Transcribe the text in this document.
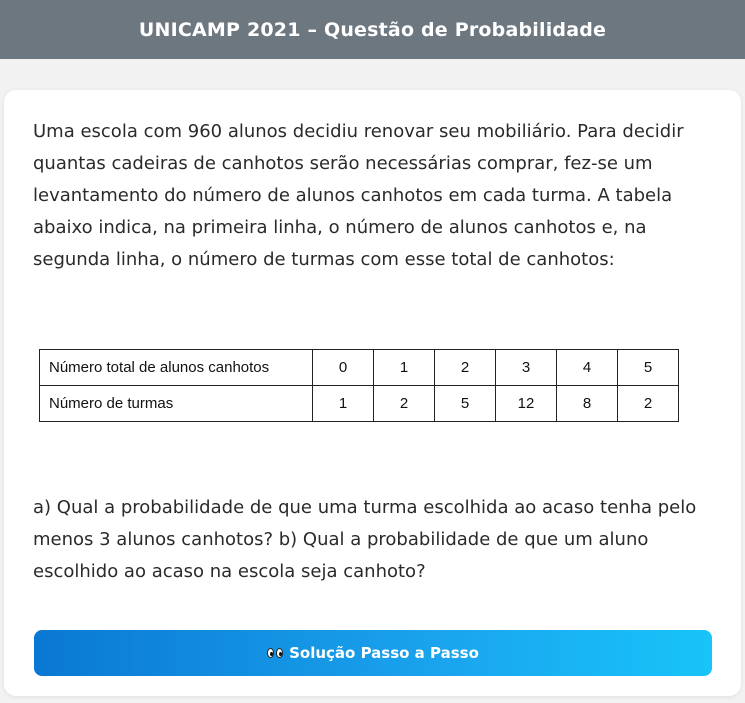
UNICAMP 2021 – Questão de Probabilidade

Uma escola com 960 alunos decidiu renovar seu mobiliário. Para decidir quantas cadeiras de canhotos serão necessárias comprar, fez-se um levantamento do número de alunos canhotos em cada turma. A tabela abaixo indica, na primeira linha, o número de alunos canhotos e, na segunda linha, o número de turmas com esse total de canhotos:

Número total de alunos canhotos	0	1	2	3	4	5
Número de turmas	1	2	5	12	8	2

a) Qual a probabilidade de que uma turma escolhida ao acaso tenha pelo menos 3 alunos canhotos? b) Qual a probabilidade de que um aluno escolhido ao acaso na escola seja canhoto?

Solução Passo a Passo
